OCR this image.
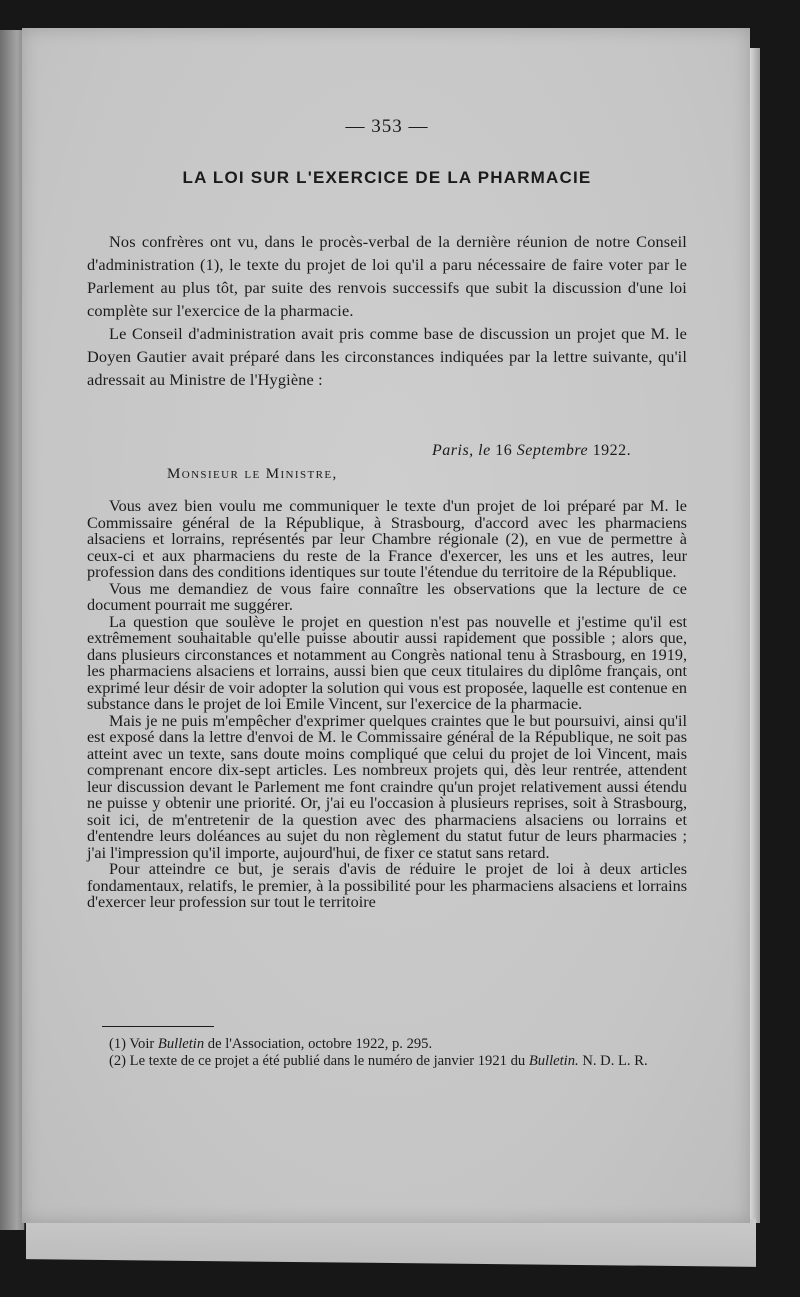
— 353 —
LA LOI SUR L'EXERCICE DE LA PHARMACIE

Nos confrères ont vu, dans le procès-verbal de la dernière réunion de notre Conseil d'administration (1), le texte du projet de loi qu'il a paru nécessaire de faire voter par le Parlement au plus tôt, par suite des renvois successifs que subit la discussion d'une loi complète sur l'exercice de la pharmacie.

Le Conseil d'administration avait pris comme base de discussion un projet que M. le Doyen Gautier avait préparé dans les circonstances indiquées par la lettre suivante, qu'il adressait au Ministre de l'Hygiène :

Paris, le 16 Septembre 1922.
Monsieur le Ministre,

Vous avez bien voulu me communiquer le texte d'un projet de loi préparé par M. le Commissaire général de la République, à Strasbourg, d'accord avec les pharmaciens alsaciens et lorrains, représentés par leur Chambre régionale (2), en vue de permettre à ceux-ci et aux pharmaciens du reste de la France d'exercer, les uns et les autres, leur profession dans des conditions identiques sur toute l'étendue du territoire de la République.

Vous me demandiez de vous faire connaître les observations que la lecture de ce document pourrait me suggérer.

La question que soulève le projet en question n'est pas nouvelle et j'estime qu'il est extrêmement souhaitable qu'elle puisse aboutir aussi rapidement que possible ; alors que, dans plusieurs circonstances et notamment au Congrès national tenu à Strasbourg, en 1919, les pharmaciens alsaciens et lorrains, aussi bien que ceux titulaires du diplôme français, ont exprimé leur désir de voir adopter la solution qui vous est proposée, laquelle est contenue en substance dans le projet de loi Emile Vincent, sur l'exercice de la pharmacie.

Mais je ne puis m'empêcher d'exprimer quelques craintes que le but poursuivi, ainsi qu'il est exposé dans la lettre d'envoi de M. le Commissaire général de la République, ne soit pas atteint avec un texte, sans doute moins compliqué que celui du projet de loi Vincent, mais comprenant encore dix-sept articles. Les nombreux projets qui, dès leur rentrée, attendent leur discussion devant le Parlement me font craindre qu'un projet relativement aussi étendu ne puisse y obtenir une priorité. Or, j'ai eu l'occasion à plusieurs reprises, soit à Strasbourg, soit ici, de m'entretenir de la question avec des pharmaciens alsaciens ou lorrains et d'entendre leurs doléances au sujet du non règlement du statut futur de leurs pharmacies ; j'ai l'impression qu'il importe, aujourd'hui, de fixer ce statut sans retard.

Pour atteindre ce but, je serais d'avis de réduire le projet de loi à deux articles fondamentaux, relatifs, le premier, à la possibilité pour les pharmaciens alsaciens et lorrains d'exercer leur profession sur tout le territoire

(1) Voir Bulletin de l'Association, octobre 1922, p. 295.

(2) Le texte de ce projet a été publié dans le numéro de janvier 1921 du Bulletin. N. D. L. R.
